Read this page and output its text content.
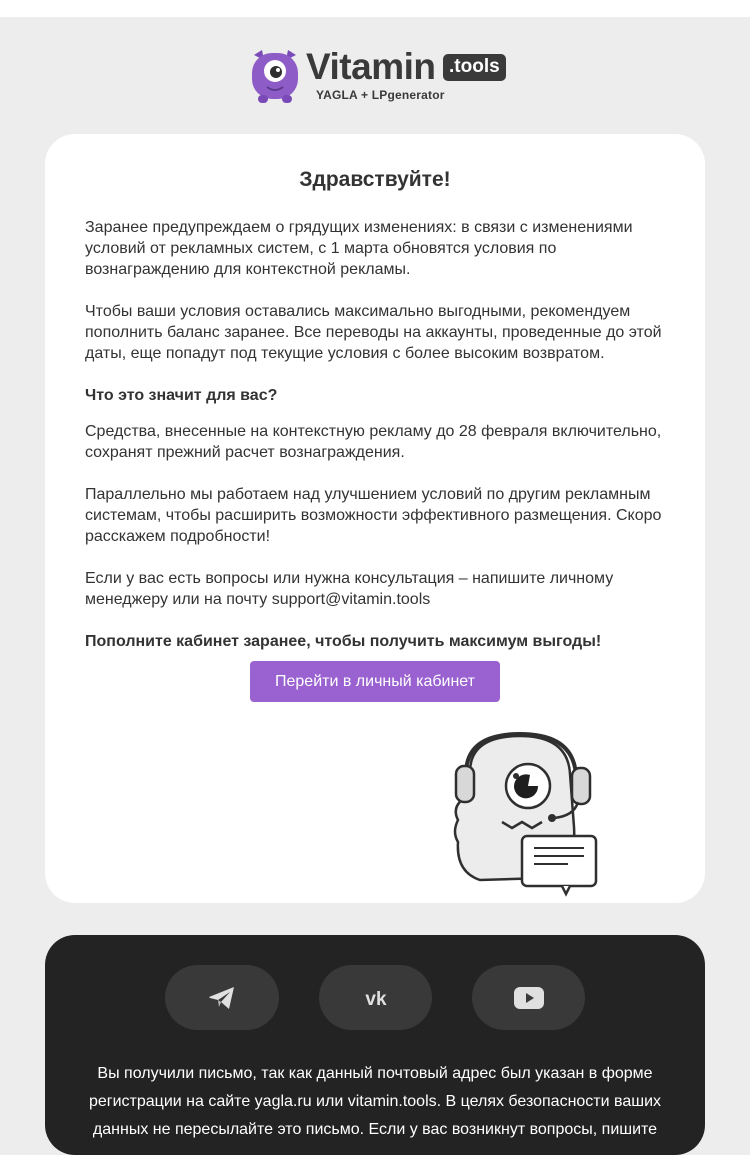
Vitamin .tools
YAGLA + LPgenerator
Здравствуйте!
Заранее предупреждаем о грядущих изменениях: в связи с изменениями условий от рекламных систем, с 1 марта обновятся условия по вознаграждению для контекстной рекламы.
Чтобы ваши условия оставались максимально выгодными, рекомендуем пополнить баланс заранее. Все переводы на аккаунты, проведенные до этой даты, еще попадут под текущие условия с более высоким возвратом.
Что это значит для вас?
Средства, внесенные на контекстную рекламу до 28 февраля включительно, сохранят прежний расчет вознаграждения.
Параллельно мы работаем над улучшением условий по другим рекламным системам, чтобы расширить возможности эффективного размещения. Скоро расскажем подробности!
Если у вас есть вопросы или нужна консультация – напишите личному менеджеру или на почту support@vitamin.tools
Пополните кабинет заранее, чтобы получить максимум выгоды!
Перейти в личный кабинет
vk
Вы получили письмо, так как данный почтовый адрес был указан в форме регистрации на сайте yagla.ru или vitamin.tools. В целях безопасности ваших данных не пересылайте это письмо. Если у вас возникнут вопросы, пишите
